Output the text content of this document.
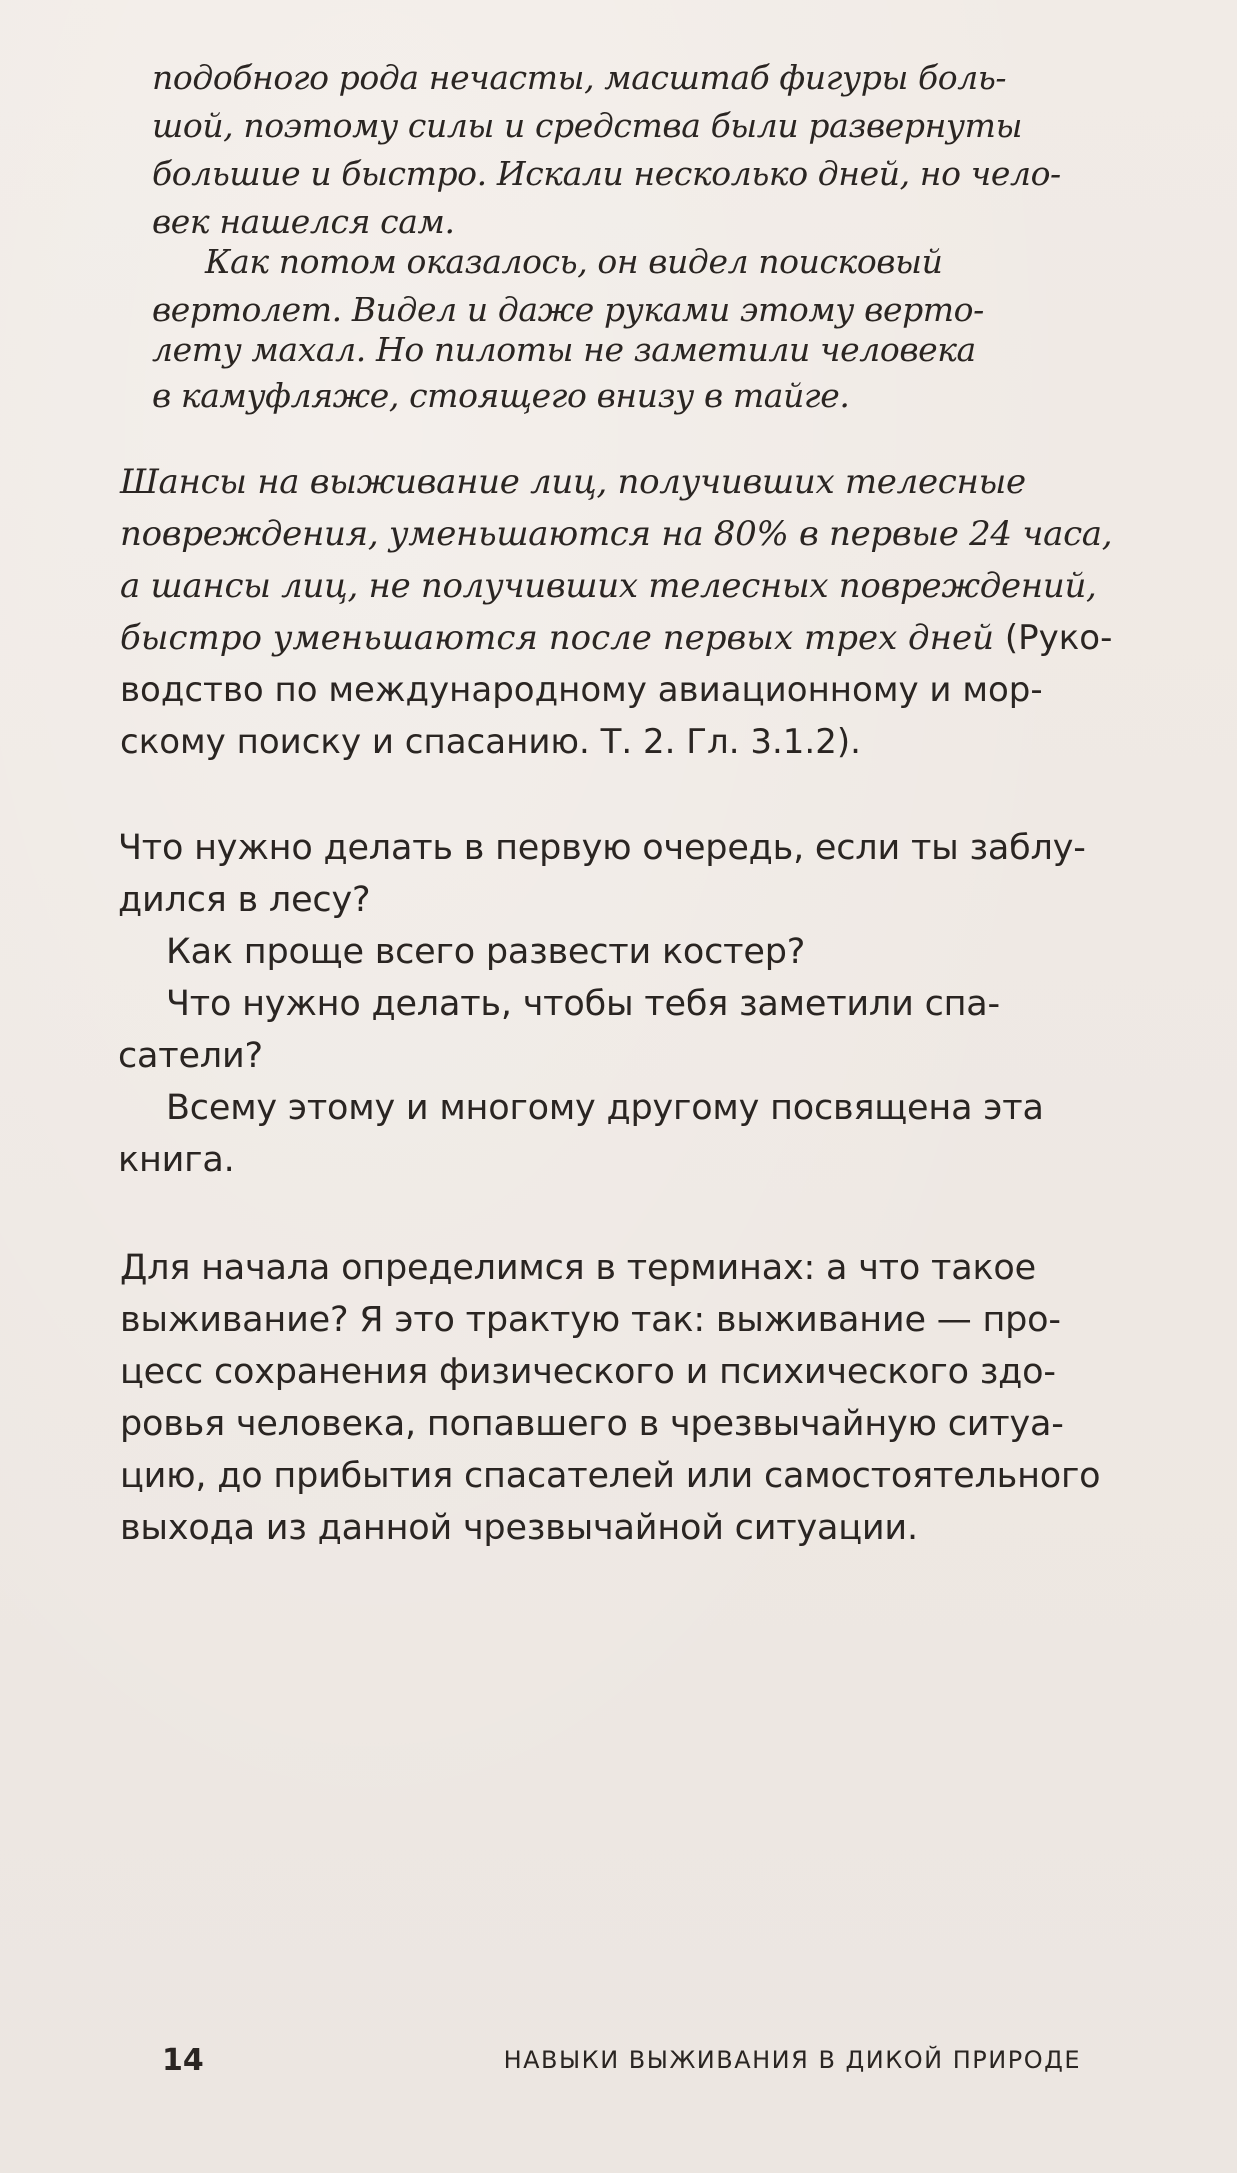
подобного рода нечасты, масштаб фигуры боль-

шой, поэтому силы и средства были развернуты

большие и быстро. Искали несколько дней, но чело-

век нашелся сам.

Как потом оказалось, он видел поисковый

вертолет. Видел и даже руками этому верто-

лету махал. Но пилоты не заметили человека

в камуфляже, стоящего внизу в тайге.

Шансы на выживание лиц, получивших телесные

повреждения, уменьшаются на 80% в первые 24 часа,

а шансы лиц, не получивших телесных повреждений,

быстро уменьшаются после первых трех дней (Руко-

водство по международному авиационному и мор-

скому поиску и спасанию. Т. 2. Гл. 3.1.2).

Что нужно делать в первую очередь, если ты заблу-

дился в лесу?

Как проще всего развести костер?

Что нужно делать, чтобы тебя заметили спа-

сатели?

Всему этому и многому другому посвящена эта

книга.

Для начала определимся в терминах: а что такое

выживание? Я это трактую так: выживание — про-

цесс сохранения физического и психического здо-

ровья человека, попавшего в чрезвычайную ситуа-

цию, до прибытия спасателей или самостоятельного

выхода из данной чрезвычайной ситуации.

14	НАВЫКИ ВЫЖИВАНИЯ В ДИКОЙ ПРИРОДЕ
